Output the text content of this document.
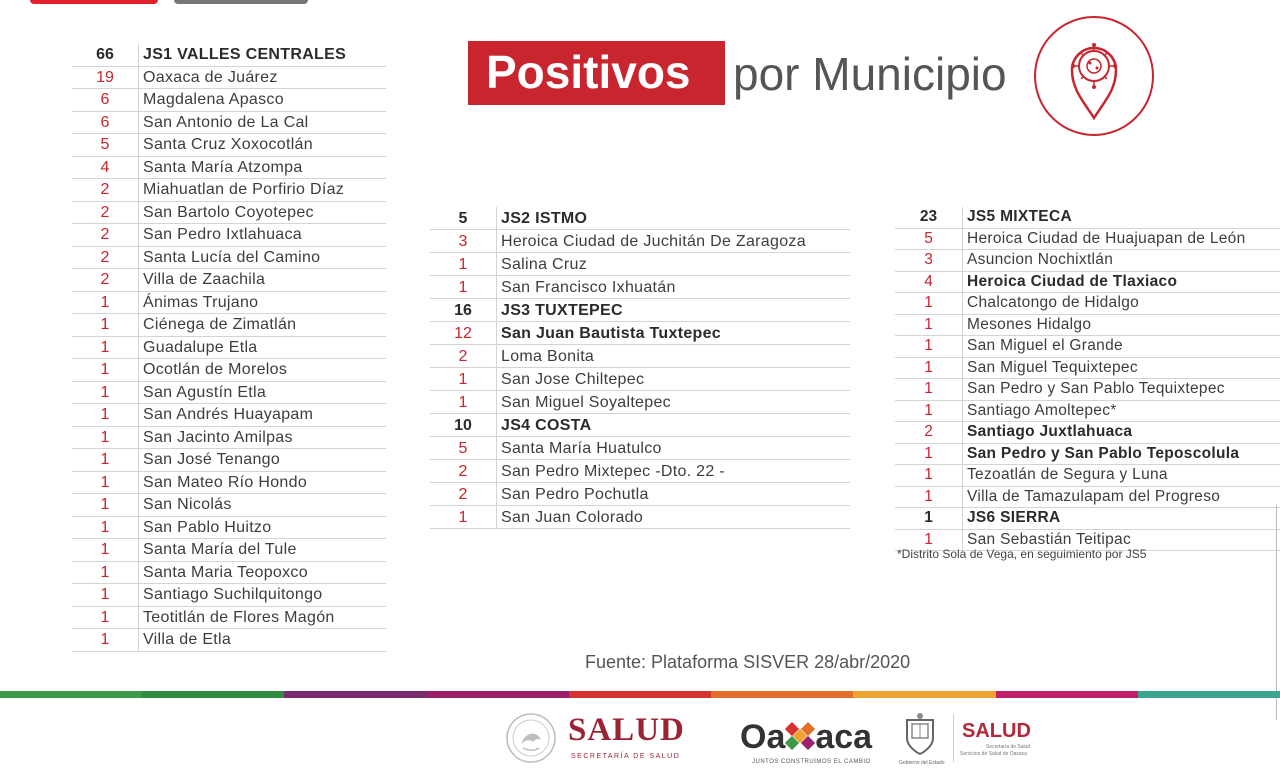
Positivos por Municipio
66	JS1 VALLES CENTRALES
19	Oaxaca de Juárez
6	Magdalena Apasco
6	San Antonio de La Cal
5	Santa Cruz Xoxocotlán
4	Santa María Atzompa
2	Miahuatlan de Porfirio Díaz
2	San Bartolo Coyotepec
2	San Pedro Ixtlahuaca
2	Santa Lucía del Camino
2	Villa de Zaachila
1	Ánimas Trujano
1	Ciénega de Zimatlán
1	Guadalupe Etla
1	Ocotlán de Morelos
1	San Agustín Etla
1	San Andrés Huayapam
1	San Jacinto Amilpas
1	San José Tenango
1	San Mateo Río Hondo
1	San Nicolás
1	San Pablo Huitzo
1	Santa María del Tule
1	Santa Maria Teopoxco
1	Santiago Suchilquitongo
1	Teotitlán de Flores Magón
1	Villa de Etla
5	JS2 ISTMO
3	Heroica Ciudad de Juchitán De Zaragoza
1	Salina Cruz
1	San Francisco Ixhuatán
16	JS3 TUXTEPEC
12	San Juan Bautista Tuxtepec
2	Loma Bonita
1	San Jose Chiltepec
1	San Miguel Soyaltepec
10	JS4 COSTA
5	Santa María Huatulco
2	San Pedro Mixtepec -Dto. 22 -
2	San Pedro Pochutla
1	San Juan Colorado
23	JS5 MIXTECA
5	Heroica Ciudad de Huajuapan de León
3	Asuncion Nochixtlán
4	Heroica Ciudad de Tlaxiaco
1	Chalcatongo de Hidalgo
1	Mesones Hidalgo
1	San Miguel el Grande
1	San Miguel Tequixtepec
1	San Pedro y San Pablo Tequixtepec
1	Santiago Amoltepec*
2	Santiago Juxtlahuaca
1	San Pedro y San Pablo Teposcolula
1	Tezoatlán de Segura y Luna
1	Villa de Tamazulapam del Progreso
1	JS6 SIERRA
1	San Sebastián Teitipac
*Distrito Sola de Vega, en seguimiento por JS5
Fuente: Plataforma SISVER 28/abr/2020
SALUD
SECRETARÍA DE SALUD
Oa aca
JUNTOS CONSTRUIMOS EL CAMBIO	Gobierno del Estado
SALUD
Secretaría de Salud
Servicios de Salud de Oaxaca
